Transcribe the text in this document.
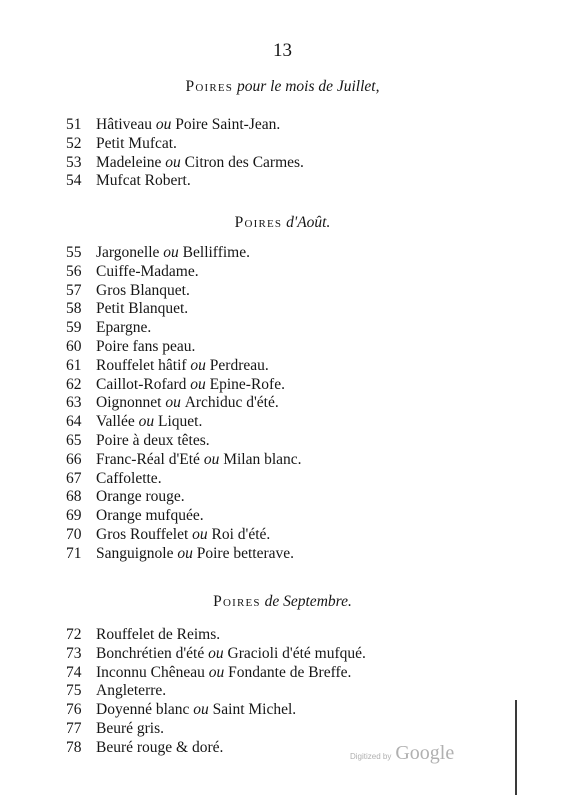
13
Poires pour le mois de Juillet,
51 Hâtiveau ou Poire Saint-Jean.
52 Petit Mufcat.
53 Madeleine ou Citron des Carmes.
54 Mufcat Robert.
Poires d'Août.
55 Jargonelle ou Belliffime.
56 Cuiffe-Madame.
57 Gros Blanquet.
58 Petit Blanquet.
59 Epargne.
60 Poire fans peau.
61 Rouffelet hâtif ou Perdreau.
62 Caillot-Rofard ou Epine-Rofe.
63 Oignonnet ou Archiduc d'été.
64 Vallée ou Liquet.
65 Poire à deux têtes.
66 Franc-Réal d'Eté ou Milan blanc.
67 Caffolette.
68 Orange rouge.
69 Orange mufquée.
70 Gros Rouffelet ou Roi d'été.
71 Sanguignole ou Poire betterave.
Poires de Septembre.
72 Rouffelet de Reims.
73 Bonchrétien d'été ou Gracioli d'été mufqué.
74 Inconnu Chêneau ou Fondante de Breffe.
75 Angleterre.
76 Doyenné blanc ou Saint Michel.
77 Beuré gris.
78 Beuré rouge & doré.
Digitized by Google
